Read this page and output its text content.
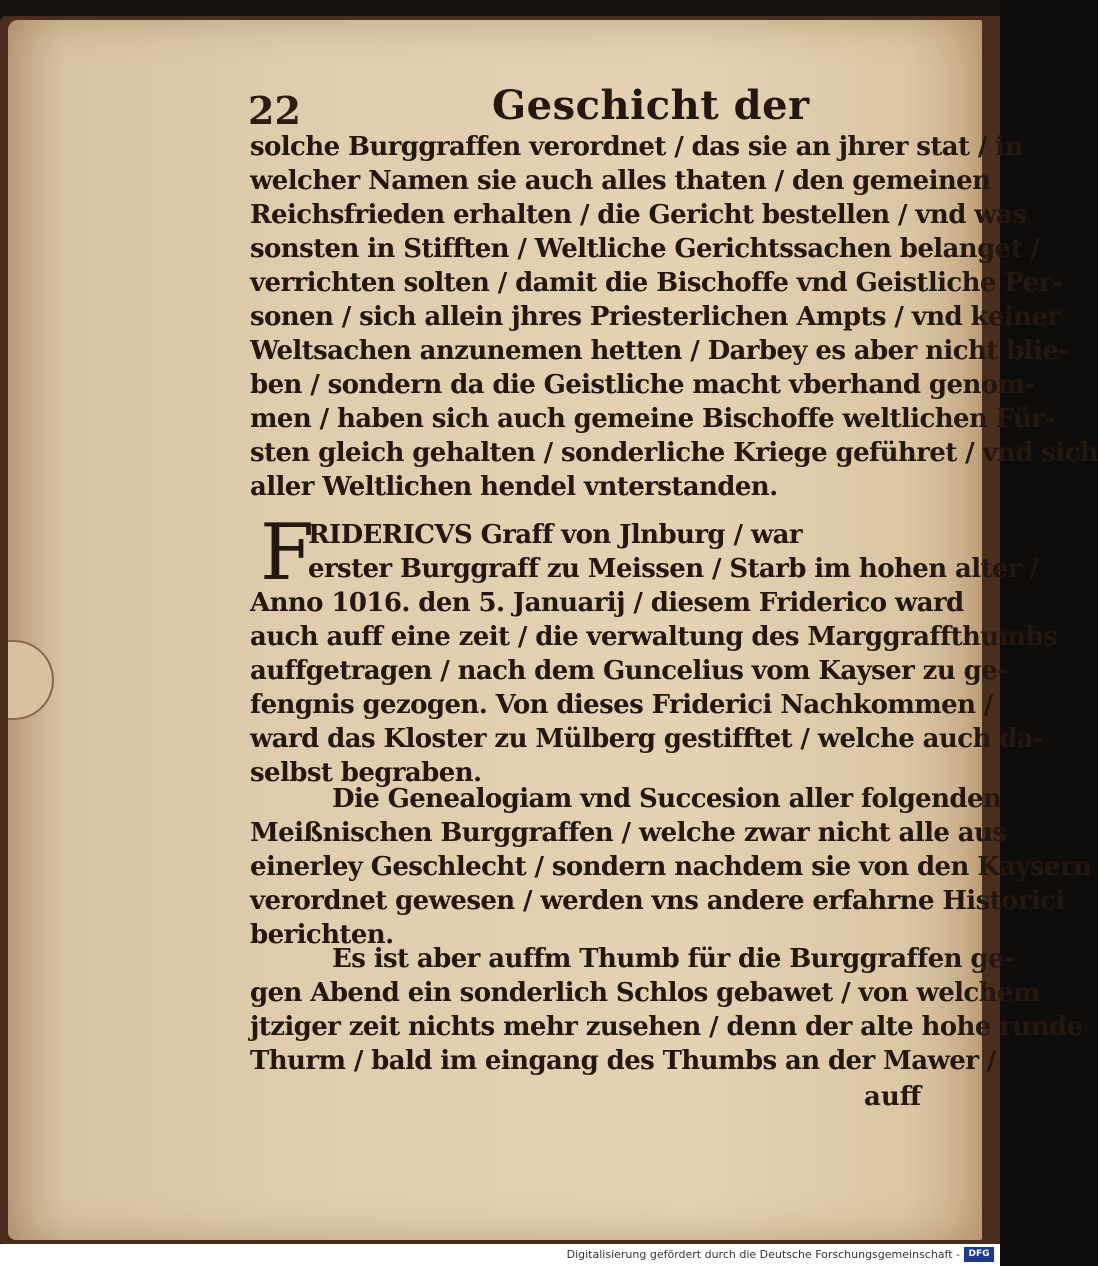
22	Geschicht der
solche Burggraffen verordnet / das sie an jhrer stat / in
welcher Namen sie auch alles thaten / den gemeinen
Reichsfrieden erhalten / die Gericht bestellen / vnd was
sonsten in Stifften / Weltliche Gerichtssachen belanget /
verrichten solten / damit die Bischoffe vnd Geistliche Per-
sonen / sich allein jhres Priesterlichen Ampts / vnd keiner
Weltsachen anzunemen hetten / Darbey es aber nicht blie-
ben / sondern da die Geistliche macht vberhand genom-
men / haben sich auch gemeine Bischoffe weltlichen Für-
sten gleich gehalten / sonderliche Kriege geführet / vnd sich
aller Weltlichen hendel vnterstanden.
F
RIDERICVS Graff von Jlnburg / war
erster Burggraff zu Meissen / Starb im hohen alter /
Anno 1016. den 5. Januarij / diesem Friderico ward
auch auff eine zeit / die verwaltung des Marggraffthumbs
auffgetragen / nach dem Guncelius vom Kayser zu ge-
fengnis gezogen. Von dieses Friderici Nachkommen /
ward das Kloster zu Mülberg gestifftet / welche auch da-
selbst begraben.
Die Genealogiam vnd Succesion aller folgenden
Meißnischen Burggraffen / welche zwar nicht alle aus
einerley Geschlecht / sondern nachdem sie von den Kaysern
verordnet gewesen / werden vns andere erfahrne Historici
berichten.
Es ist aber auffm Thumb für die Burggraffen ge-
gen Abend ein sonderlich Schlos gebawet / von welchem
jtziger zeit nichts mehr zusehen / denn der alte hohe runde
Thurm / bald im eingang des Thumbs an der Mawer /
auff
Digitalisierung gefördert durch die Deutsche Forschungsgemeinschaft - DFG
